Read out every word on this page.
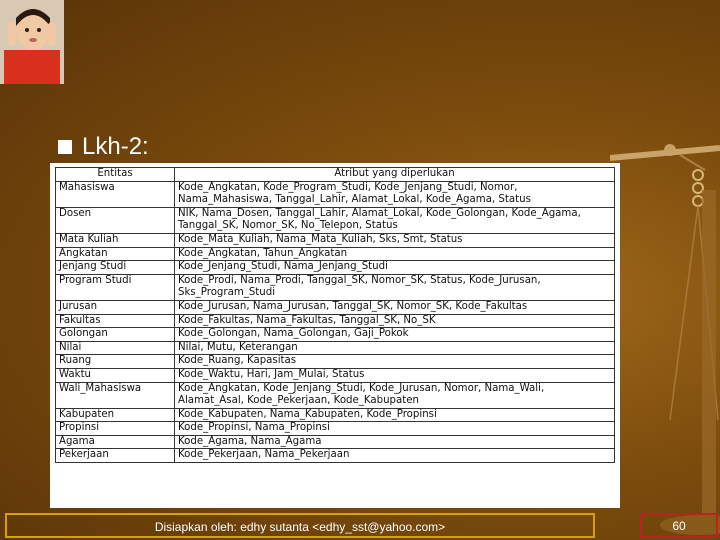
Lkh-2:
Entitas	Atribut yang diperlukan
Mahasiswa	Kode_Angkatan, Kode_Program_Studi, Kode_Jenjang_Studi, Nomor, Nama_Mahasiswa, Tanggal_Lahir, Alamat_Lokal, Kode_Agama, Status
Dosen	NIK, Nama_Dosen, Tanggal_Lahir, Alamat_Lokal, Kode_Golongan, Kode_Agama, Tanggal_SK, Nomor_SK, No_Telepon, Status
Mata Kuliah	Kode_Mata_Kuliah, Nama_Mata_Kuliah, Sks, Smt, Status
Angkatan	Kode_Angkatan, Tahun_Angkatan
Jenjang Studi	Kode_Jenjang_Studi, Nama_Jenjang_Studi
Program Studi	Kode_Prodi, Nama_Prodi, Tanggal_SK, Nomor_SK, Status, Kode_Jurusan, Sks_Program_Studi
Jurusan	Kode_Jurusan, Nama_Jurusan, Tanggal_SK, Nomor_SK, Kode_Fakultas
Fakultas	Kode_Fakultas, Nama_Fakultas, Tanggal_SK, No_SK
Golongan	Kode_Golongan, Nama_Golongan, Gaji_Pokok
Nilai	Nilai, Mutu, Keterangan
Ruang	Kode_Ruang, Kapasitas
Waktu	Kode_Waktu, Hari, Jam_Mulai, Status
Wali_Mahasiswa	Kode_Angkatan, Kode_Jenjang_Studi, Kode_Jurusan, Nomor, Nama_Wali, Alamat_Asal, Kode_Pekerjaan, Kode_Kabupaten
Kabupaten	Kode_Kabupaten, Nama_Kabupaten, Kode_Propinsi
Propinsi	Kode_Propinsi, Nama_Propinsi
Agama	Kode_Agama, Nama_Agama
Pekerjaan	Kode_Pekerjaan, Nama_Pekerjaan
Disiapkan oleh: edhy sutanta <edhy_sst@yahoo.com>	60
